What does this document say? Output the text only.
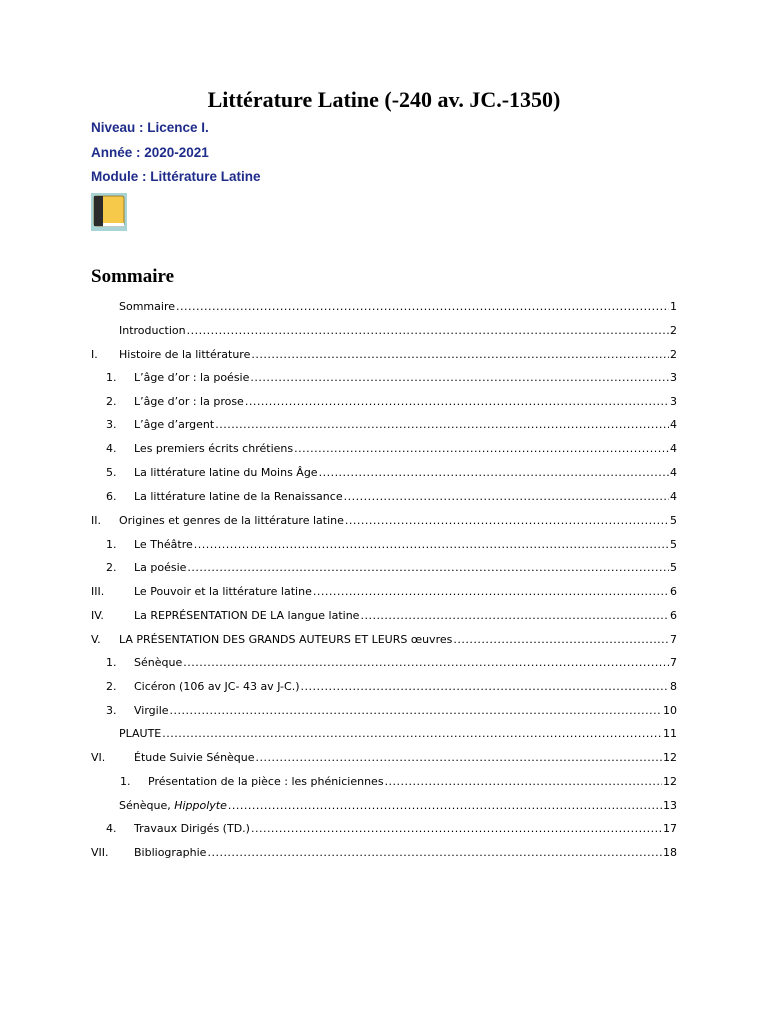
Littérature Latine (-240 av. JC.-1350)
Niveau : Licence I.
Année : 2020-2021
Module : Littérature Latine
Sommaire
Sommaire .....	1
Introduction .....	2
I. Histoire de la littérature .....	2
1. L’âge d’or : la poésie .....	3
2. L’âge d’or : la prose .....	3
3. L’âge d’argent .....	4
4. Les premiers écrits chrétiens .....	4
5. La littérature latine du Moins Âge .....	4
6. La littérature latine de la Renaissance .....	4
II. Origines et genres de la littérature latine .....	5
1. Le Théâtre .....	5
2. La poésie .....	5
III.	Le Pouvoir et la littérature latine .....	6
IV.	La REPRÉSENTATION DE LA langue latine .....	6
V. LA PRÉSENTATION DES GRANDS AUTEURS ET LEURS œuvres .....	7
1. Sénèque .....	7
2. Cicéron (106 av JC- 43 av J-C.) .....	8
3. Virgile .....	10
PLAUTE .....	11
VI.	Étude Suivie Sénèque .....	12
1. Présentation de la pièce : les phéniciennes .....	12
Sénèque, Hippolyte .....	13
4. Travaux Dirigés (TD.) .....	17
VII. Bibliographie .....	18
